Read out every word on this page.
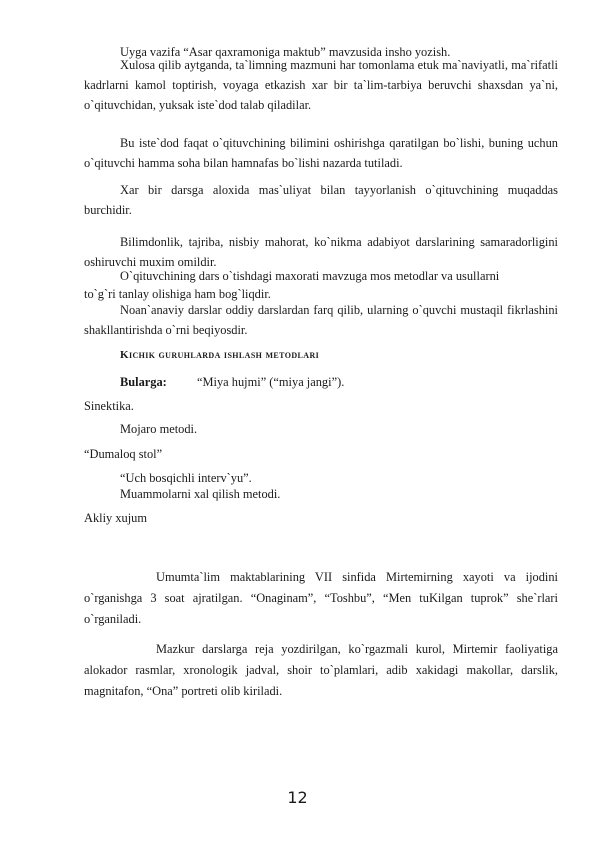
Uyga vazifa “Asar qaxramoniga maktub” mavzusida insho yozish.

Xulosa qilib aytganda, ta`limning mazmuni har tomonlama etuk ma`naviyatli, ma`rifatli kadrlarni kamol toptirish, voyaga etkazish xar bir ta`lim-tarbiya beruvchi shaxsdan ya`ni, o`qituvchidan, yuksak iste`dod talab qiladilar.

Bu iste`dod faqat o`qituvchining bilimini oshirishga qaratilgan bo`lishi, buning uchun o`qituvchi hamma soha bilan hamnafas bo`lishi nazarda tutiladi.

Xar bir darsga aloxida mas`uliyat bilan tayyorlanish o`qituvchining muqaddas burchidir.

Bilimdonlik, tajriba, nisbiy mahorat, ko`nikma adabiyot darslarining samaradorligini oshiruvchi muxim omildir.

O`qituvchining dars o`tishdagi maxorati mavzuga mos metodlar va usullarni

to`g`ri tanlay olishiga ham bog`liqdir.

Noan`anaviy darslar oddiy darslardan farq qilib, ularning o`quvchi mustaqil fikrlashini shakllantirishda o`rni beqiyosdir.

Kichik guruhlarda ishlash metodlari

Bularga: “Miya hujmi” (“miya jangi”).

Sinektika.

Mojaro metodi.

“Dumaloq stol”

“Uch bosqichli interv`yu”.

Muammolarni xal qilish metodi.

Akliy xujum

Umumta`lim maktablarining VII sinfida Mirtemirning xayoti va ijodini o`rganishga 3 soat ajratilgan. “Onaginam”, “Toshbu”, “Men tuKilgan tuprok” she`rlari o`rganiladi.

Mazkur darslarga reja yozdirilgan, ko`rgazmali kurol, Mirtemir faoliyatiga alokador rasmlar, xronologik jadval, shoir to`plamlari, adib xakidagi makollar, darslik, magnitafon, “Ona” portreti olib kiriladi.

12
